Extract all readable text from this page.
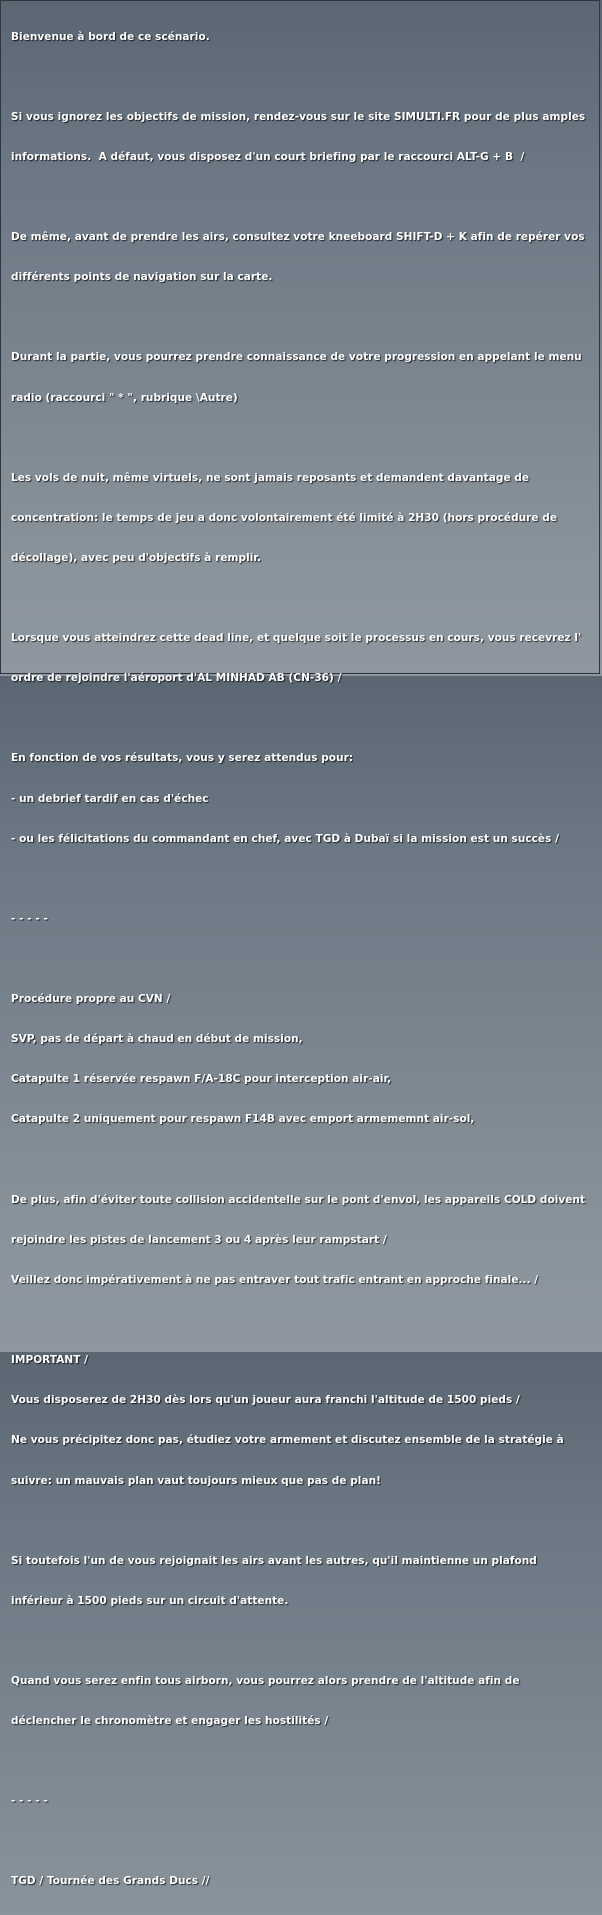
Bienvenue à bord de ce scénario.

Si vous ignorez les objectifs de mission, rendez-vous sur le site SIMULTI.FR pour de plus amples

informations.  A défaut, vous disposez d'un court briefing par le raccourci ALT-G + B  /

De même, avant de prendre les airs, consultez votre kneeboard SHIFT-D + K afin de repérer vos

différents points de navigation sur la carte.

Durant la partie, vous pourrez prendre connaissance de votre progression en appelant le menu

radio (raccourci " * ", rubrique \Autre)

Les vols de nuit, même virtuels, ne sont jamais reposants et demandent davantage de

concentration: le temps de jeu a donc volontairement été limité à 2H30 (hors procédure de

décollage), avec peu d'objectifs à remplir.

Lorsque vous atteindrez cette dead line, et quelque soit le processus en cours, vous recevrez l'

ordre de rejoindre l'aéroport d'AL MINHAD AB (CN-36) /

En fonction de vos résultats, vous y serez attendus pour:

- un debrief tardif en cas d'échec

- ou les félicitations du commandant en chef, avec TGD à Dubaï si la mission est un succès /

- - - - -

Procédure propre au CVN /

SVP, pas de départ à chaud en début de mission,

Catapulte 1 réservée respawn F/A-18C pour interception air-air,

Catapulte 2 uniquement pour respawn F14B avec emport armememnt air-sol,

De plus, afin d'éviter toute collision accidentelle sur le pont d'envol, les appareils COLD doivent

rejoindre les pistes de lancement 3 ou 4 après leur rampstart /

Veillez donc impérativement à ne pas entraver tout trafic entrant en approche finale... /

IMPORTANT /

Vous disposerez de 2H30 dès lors qu'un joueur aura franchi l'altitude de 1500 pieds /

Ne vous précipitez donc pas, étudiez votre armement et discutez ensemble de la stratégie à

suivre: un mauvais plan vaut toujours mieux que pas de plan!

Si toutefois l'un de vous rejoignait les airs avant les autres, qu'il maintienne un plafond

inférieur à 1500 pieds sur un circuit d'attente.

Quand vous serez enfin tous airborn, vous pourrez alors prendre de l'altitude afin de

déclencher le chronomètre et engager les hostilités /

- - - - -

TGD / Tournée des Grands Ducs //
